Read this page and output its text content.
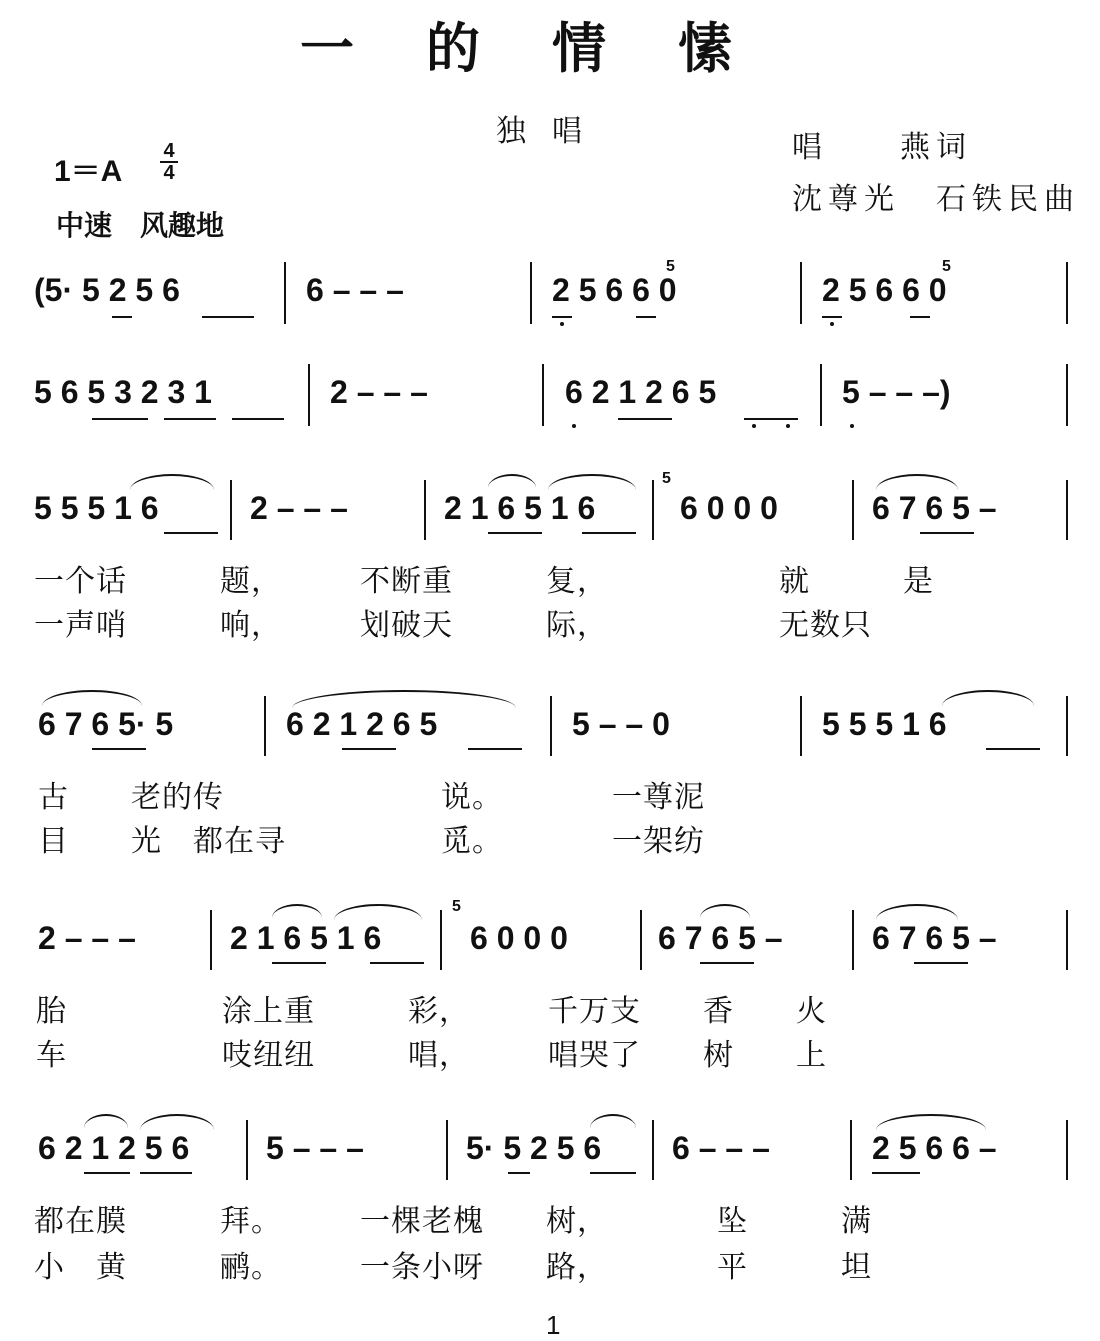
一的情愫
独唱	唱　　燕词
沈尊光　石铁民曲
1＝A
4
4
中速　风趣地
(5· 5 2 5 6	6 – – –	2 5 6 6 0	2 5 6 6 0
5	5
5 6 5 3 2 3 1	2 – – –	6 2 1 2 6 5	5 – – –)
5 5 5 1 6	2 – – –	2 1 6 5 1 6	6 0 0 0	6 7 6 5 –
5
一个话　　　题，　　　不断重　　　复，　　　　　　就　　　是
一声哨　　　响，　　　划破天　　　际，　　　　　　无数只
6 7 6 5· 5	6 2 1 2 6 5	5 – – 0	5 5 5 1 6
古　　老的传　　　　　　　说。　　　　一尊泥
目　　光　都在寻　　　　　觅。　　　　一架纺
2 – – –	2 1 6 5 1 6	6 0 0 0	6 7 6 5 –	6 7 6 5 –
5
胎　　　　　涂上重　　　彩，　　　千万支　　香　　火
车　　　　　吱纽纽　　　唱，　　　唱哭了　　树　　上
6 2 1 2 5 6 5 – – –	5· 5 2 5 6 6 – – –	2 5 6 6 –
都在膜　　　拜。　　　一棵老槐　　树，　　　　坠　　　满
小　黄　　　鹂。　　　一条小呀　　路，　　　　平　　　坦
1
